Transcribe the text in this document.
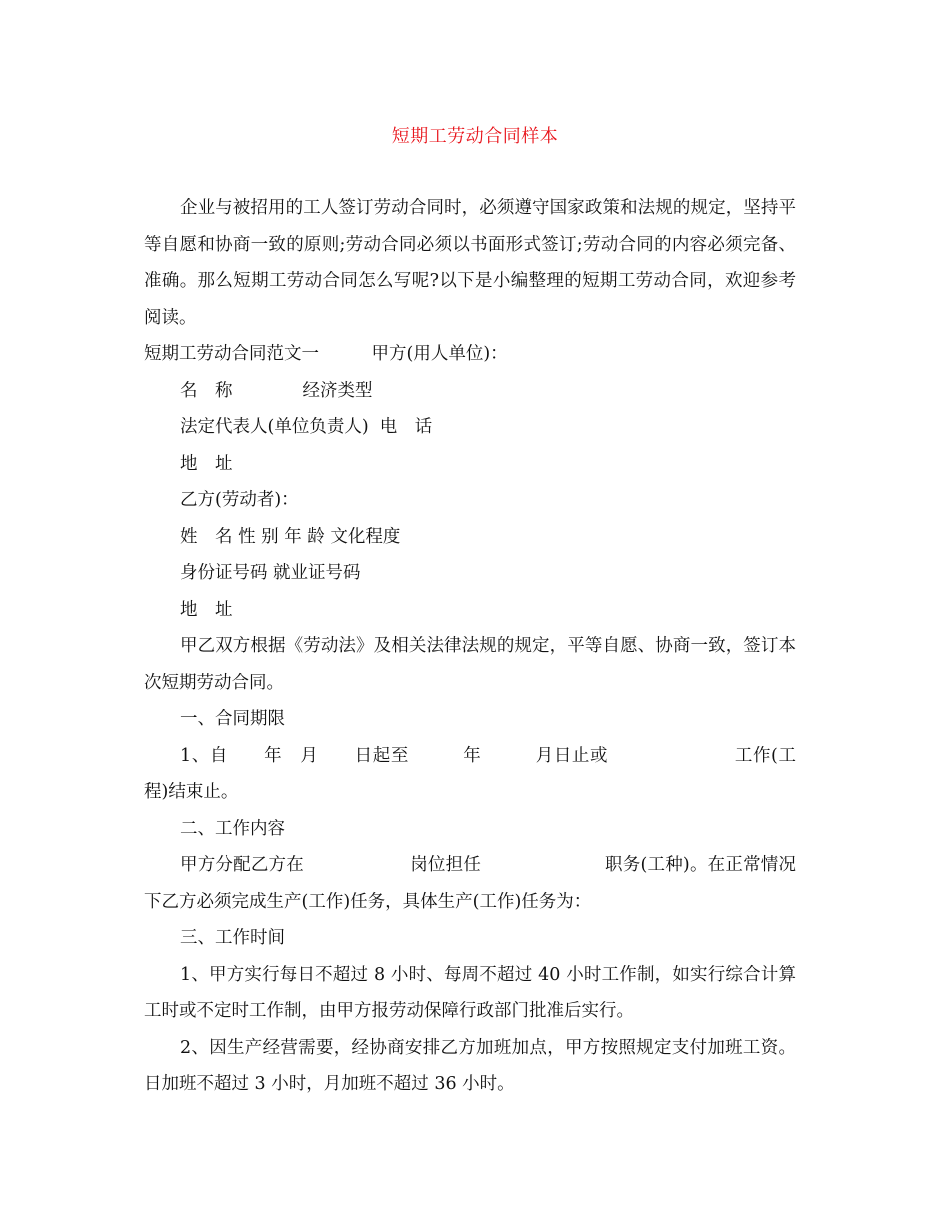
短期工劳动合同样本

企业与被招用的工人签订劳动合同时，必须遵守国家政策和法规的规定，坚持平等自愿和协商一致的原则;劳动合同必须以书面形式签订;劳动合同的内容必须完备、准确。那么短期工劳动合同怎么写呢?以下是小编整理的短期工劳动合同，欢迎参考阅读。

短期工劳动合同范文一　　　甲方(用人单位)：
名　称　　　　经济类型
法定代表人(单位负责人)  电　话
地　址
乙方(劳动者)：
姓　名 性 别 年 龄 文化程度
身份证号码 就业证号码
地　址

甲乙双方根据《劳动法》及相关法律法规的规定，平等自愿、协商一致，签订本次短期劳动合同。

一、合同期限

1、自　　年　月　　日起至　　　年　　　月日止或　　　　　　　工作(工程)结束止。

二、工作内容

甲方分配乙方在　　　　　　岗位担任　　　　　　　职务(工种)。在正常情况下乙方必须完成生产(工作)任务，具体生产(工作)任务为：

三、工作时间

1、甲方实行每日不超过 8 小时、每周不超过 40 小时工作制，如实行综合计算工时或不定时工作制，由甲方报劳动保障行政部门批准后实行。

2、因生产经营需要，经协商安排乙方加班加点，甲方按照规定支付加班工资。日加班不超过 3 小时，月加班不超过 36 小时。
